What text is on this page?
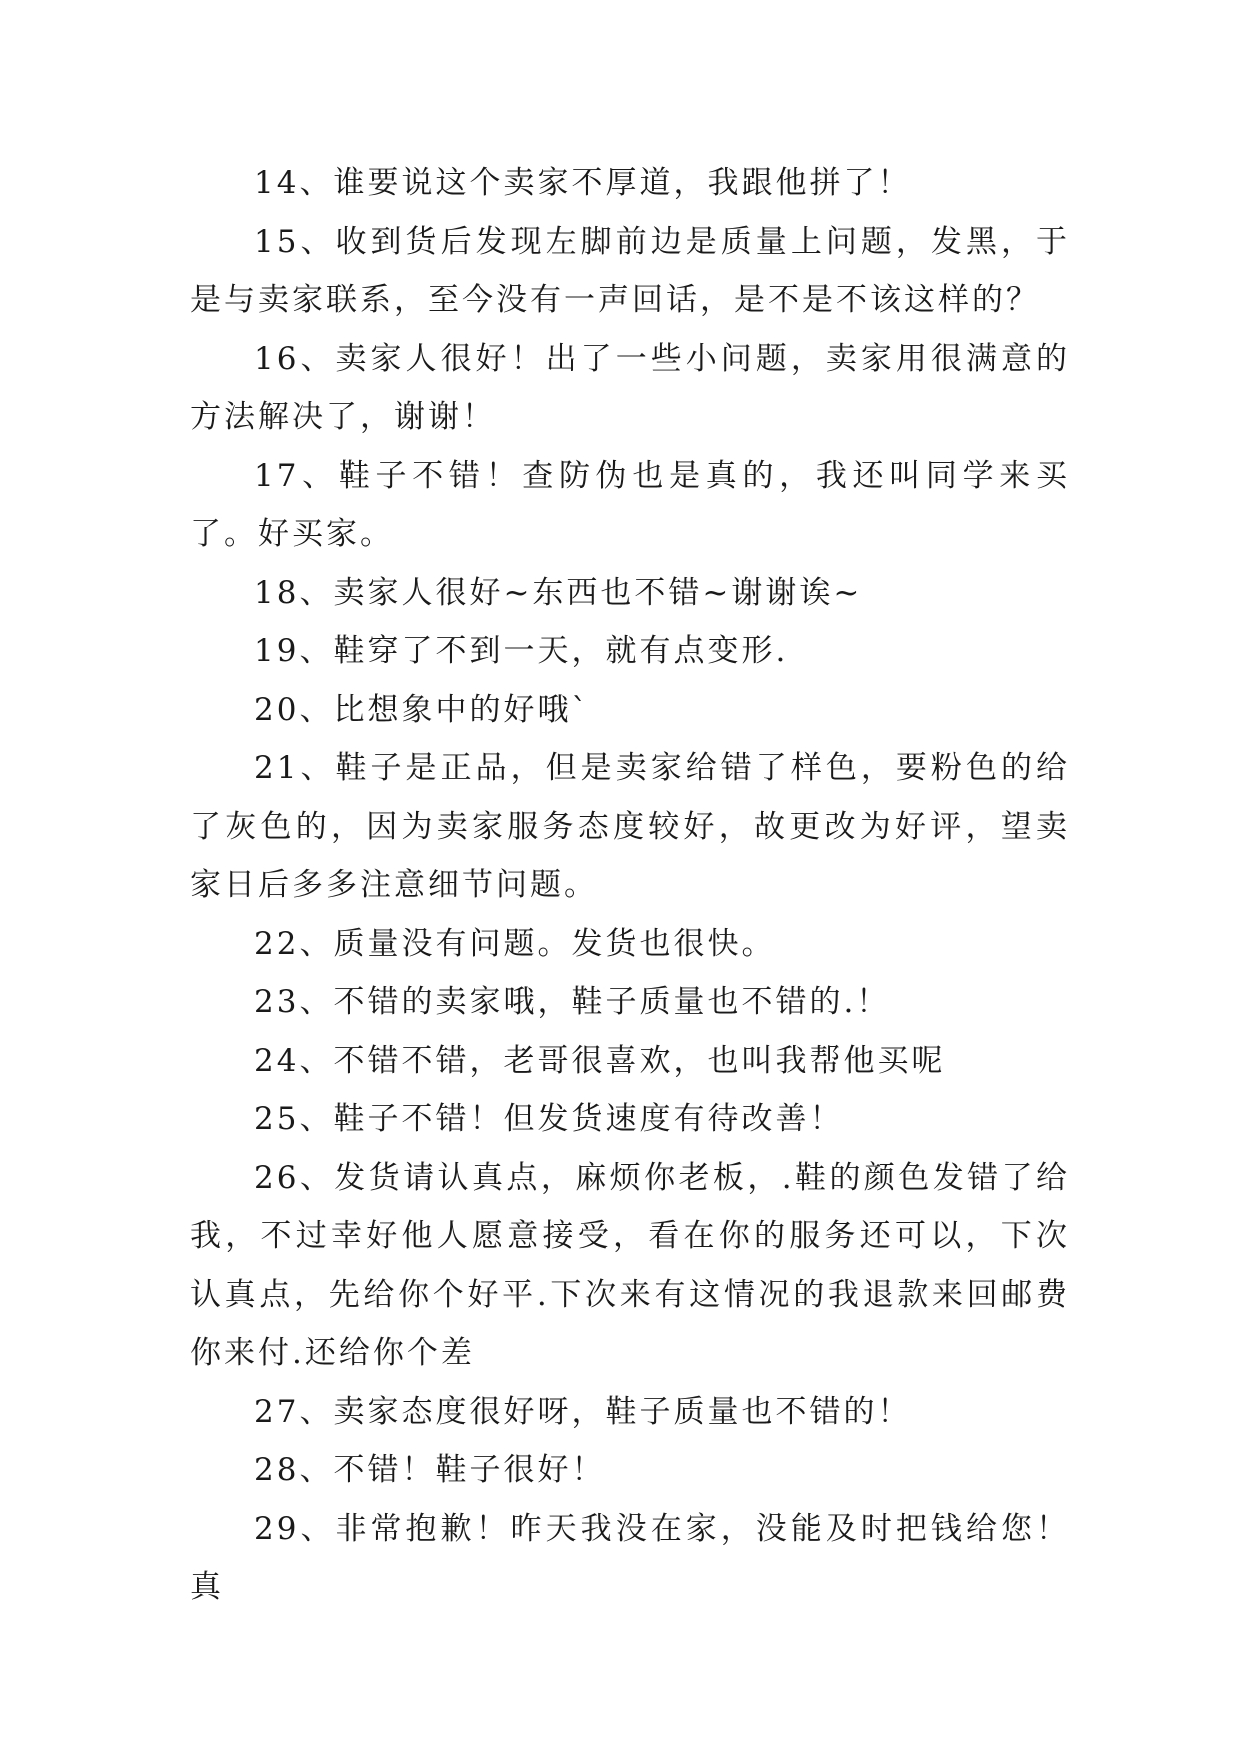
14、谁要说这个卖家不厚道，我跟他拼了！

15、收到货后发现左脚前边是质量上问题，发黑，于是与卖家联系，至今没有一声回话，是不是不该这样的？

16、卖家人很好！出了一些小问题，卖家用很满意的方法解决了，谢谢！

17、鞋子不错！查防伪也是真的，我还叫同学来买了。好买家。

18、卖家人很好~东西也不错~谢谢诶~

19、鞋穿了不到一天，就有点变形.

20、比想象中的好哦`

21、鞋子是正品，但是卖家给错了样色，要粉色的给了灰色的，因为卖家服务态度较好，故更改为好评，望卖家日后多多注意细节问题。

22、质量没有问题。发货也很快。

23、不错的卖家哦，鞋子质量也不错的.！

24、不错不错，老哥很喜欢，也叫我帮他买呢

25、鞋子不错！但发货速度有待改善！

26、发货请认真点，麻烦你老板，.鞋的颜色发错了给我，不过幸好他人愿意接受，看在你的服务还可以，下次认真点，先给你个好平.下次来有这情况的我退款来回邮费你来付.还给你个差

27、卖家态度很好呀，鞋子质量也不错的！

28、不错！鞋子很好！

29、非常抱歉！昨天我没在家，没能及时把钱给您！真
